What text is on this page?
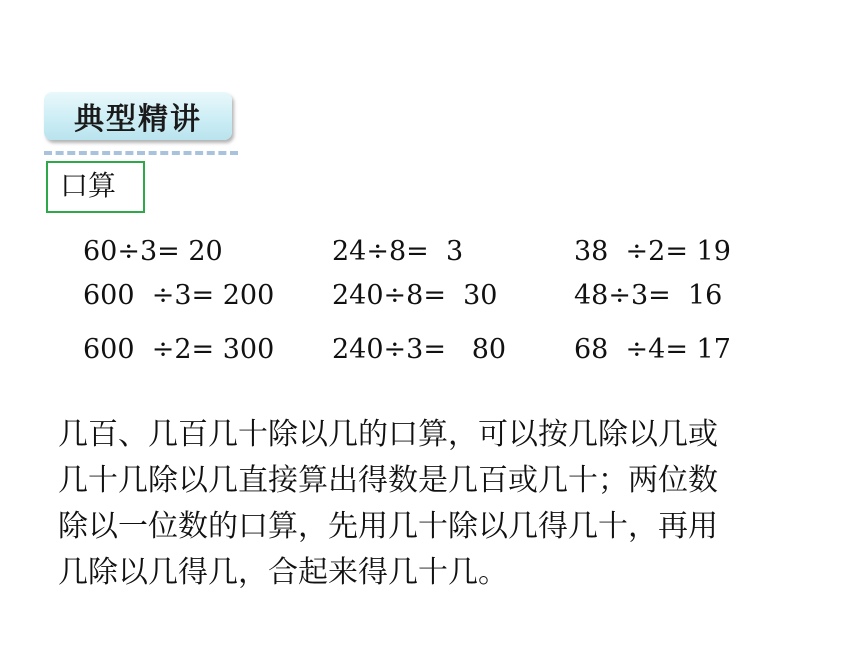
典型精讲
口算
60÷3= 20	24÷8=  3	38  ÷2= 19
600  ÷3= 200 240÷8=  30	48÷3=  16
600  ÷2= 300 240÷3=   80	68  ÷4= 17
几百、几百几十除以几的口算，可以按几除以几或
几十几除以几直接算出得数是几百或几十；两位数
除以一位数的口算，先用几十除以几得几十，再用
几除以几得几，合起来得几十几。
